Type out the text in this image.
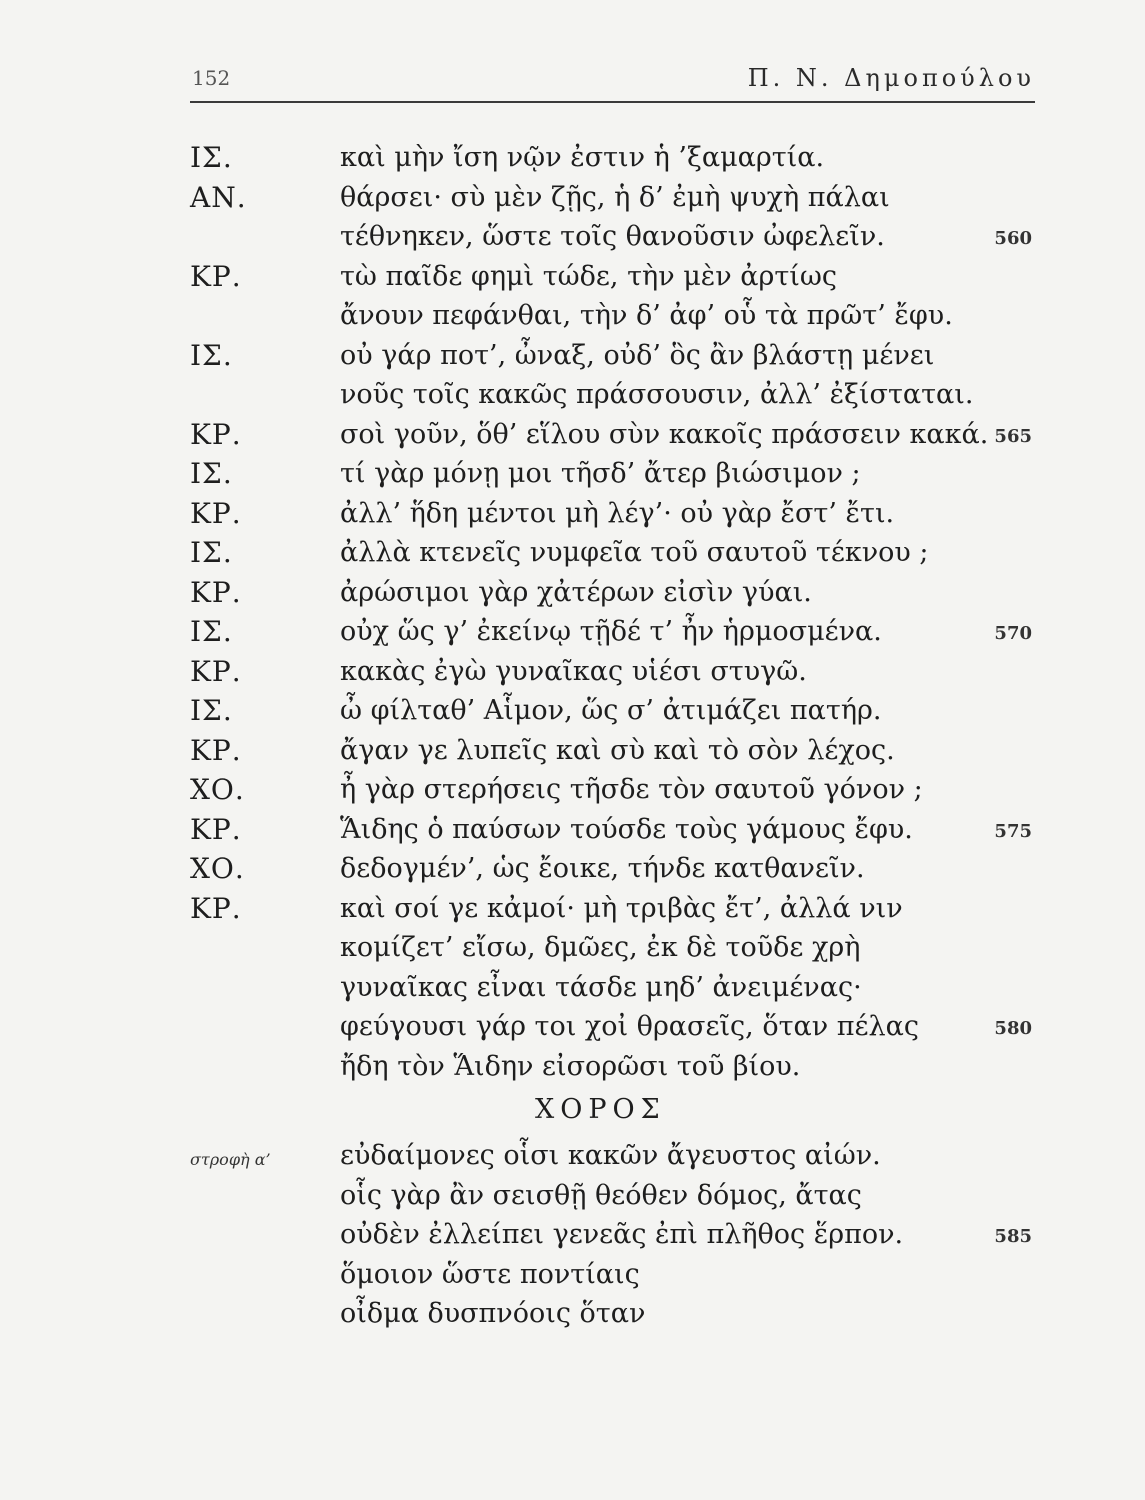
152	Π. Ν. Δημοπούλου
ΙΣ.	καὶ μὴν ἴση νῷν ἐστιν ἡ ’ξαμαρτία.
ΑΝ.	θάρσει· σὺ μὲν ζῇς, ἡ δ’ ἐμὴ ψυχὴ πάλαι
τέθνηκεν, ὥστε τοῖς θανοῦσιν ὠφελεῖν.	560
ΚΡ.	τὼ παῖδε φημὶ τώδε, τὴν μὲν ἀρτίως
ἄνουν πεφάνθαι, τὴν δ’ ἀφ’ οὗ τὰ πρῶτ’ ἔφυ.
ΙΣ.	οὐ γάρ ποτ’, ὦναξ, οὐδ’ ὃς ἂν βλάστῃ μένει
νοῦς τοῖς κακῶς πράσσουσιν, ἀλλ’ ἐξίσταται.
ΚΡ.	σοὶ γοῦν, ὅθ’ εἵλου σὺν κακοῖς πράσσειν κακά. 565
ΙΣ.	τί γὰρ μόνῃ μοι τῆσδ’ ἄτερ βιώσιμον ;
ΚΡ.	ἀλλ’ ἥδη μέντοι μὴ λέγ’· οὐ γὰρ ἔστ’ ἔτι.
ΙΣ.	ἀλλὰ κτενεῖς νυμφεῖα τοῦ σαυτοῦ τέκνου ;
ΚΡ.	ἀρώσιμοι γὰρ χἀτέρων εἰσὶν γύαι.
ΙΣ.	οὐχ ὥς γ’ ἐκείνῳ τῇδέ τ’ ἦν ἡρμοσμένα.	570
ΚΡ.	κακὰς ἐγὼ γυναῖκας υἱέσι στυγῶ.
ΙΣ.	ὦ φίλταθ’ Αἷμον, ὥς σ’ ἀτιμάζει πατήρ.
ΚΡ.	ἄγαν γε λυπεῖς καὶ σὺ καὶ τὸ σὸν λέχος.
ΧΟ.	ἦ γὰρ στερήσεις τῆσδε τὸν σαυτοῦ γόνον ;
ΚΡ.	Ἅιδης ὁ παύσων τούσδε τοὺς γάμους ἔφυ.	575
ΧΟ.	δεδογμέν’, ὡς ἔοικε, τήνδε κατθανεῖν.
ΚΡ.	καὶ σοί γε κἀμοί· μὴ τριβὰς ἔτ’, ἀλλά νιν
κομίζετ’ εἴσω, δμῶες, ἐκ δὲ τοῦδε χρὴ
γυναῖκας εἶναι τάσδε μηδ’ ἀνειμένας·
φεύγουσι γάρ τοι χοἰ θρασεῖς, ὅταν πέλας	580
ἤδη τὸν Ἅιδην εἰσορῶσι τοῦ βίου.
ΧΟΡΟΣ
εὐδαίμονες οἷσι κακῶν ἄγευστος αἰών.
στροφὴ α’
οἷς γὰρ ἂν σεισθῇ θεόθεν δόμος, ἄτας
οὐδὲν ἐλλείπει γενεᾶς ἐπὶ πλῆθος ἕρπον.	585
ὅμοιον ὥστε ποντίαις
οἶδμα δυσπνόοις ὅταν
